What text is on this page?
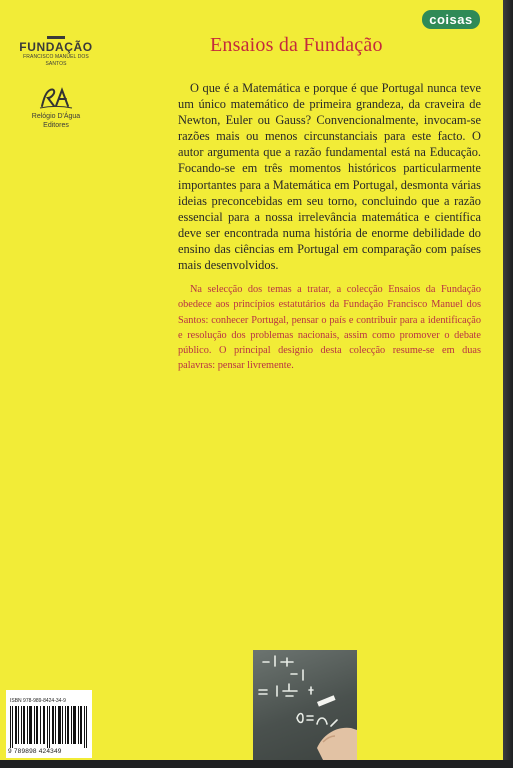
coisas
FUNDAÇÃO
FRANCISCO MANUEL DOS SANTOS
Relógio D'Água
Editores
Ensaios da Fundação

O que é a Matemática e porque é que Portugal nunca teve um único matemático de primeira grandeza, da craveira de Newton, Euler ou Gauss? Convencionalmente, invocam-se razões mais ou menos circunstanciais para este facto. O autor argumenta que a razão fundamental está na Educação. Focando-se em três momentos históricos particularmente importantes para a Matemática em Portugal, desmonta várias ideias preconcebidas em seu torno, concluindo que a razão essencial para a nossa irrelevância matemática e científica deve ser encontrada numa história de enorme debilidade do ensino das ciências em Portugal em comparação com países mais desenvolvidos.

Na selecção dos temas a tratar, a colecção Ensaios da Fundação obedece aos princípios estatutários da Fundação Francisco Manuel dos Santos: conhecer Portugal, pensar o país e contribuir para a identificação e resolução dos problemas nacionais, assim como promover o debate público. O principal designio desta colecção resume-se em duas palavras: pensar livremente.

ISBN 978-989-8424-34-9
9 789898 424349
